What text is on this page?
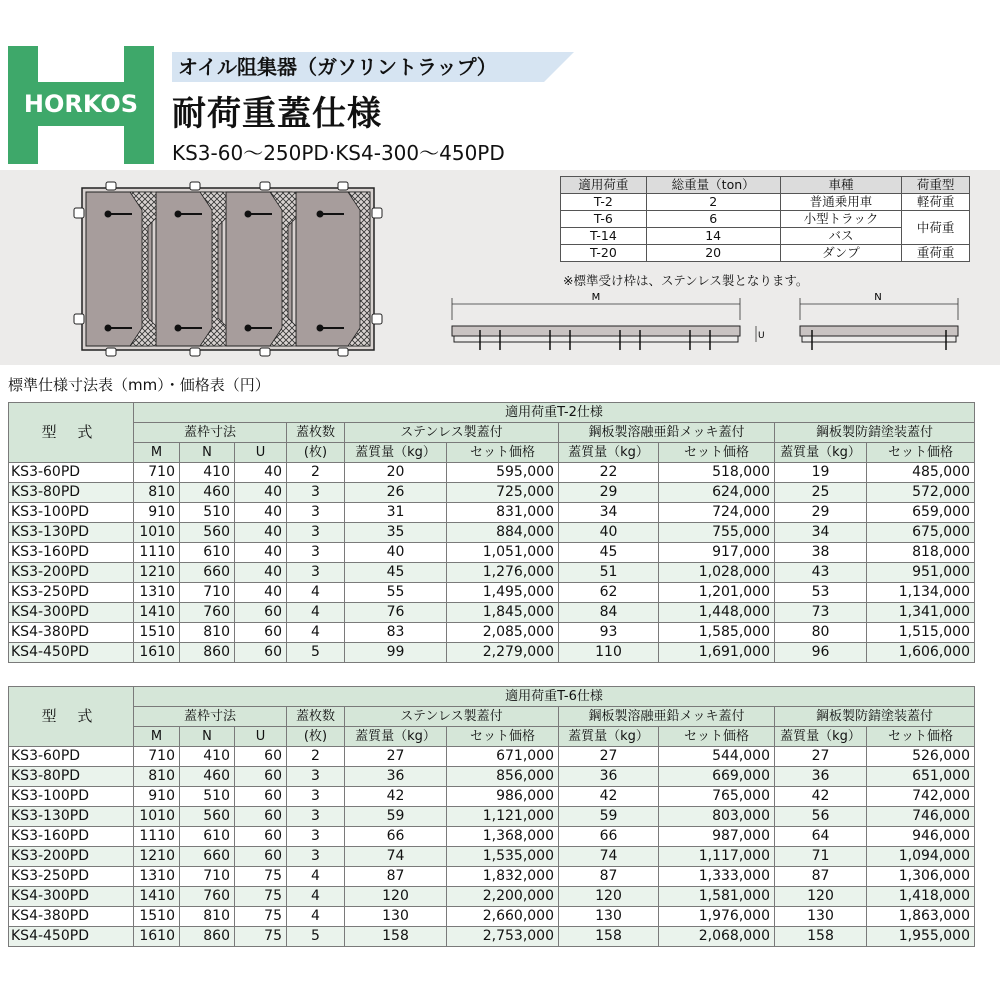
HORKOS
オイル阻集器（ガソリントラップ）
耐荷重蓋仕様
KS3-60～250PD·KS4-300～450PD
適用荷重	総重量（ton）	車種	荷重型
T-2	2	普通乗用車	軽荷重
T-6	6	小型トラック	中荷重
T-14	14	バス	
T-20	20	ダンプ	重荷重
※標準受け枠は、ステンレス製となります。
M
U
N
標準仕様寸法表（mm）・価格表（円）
型 式	適用荷重T-2仕様									
	蓋枠寸法			蓋枚数	ステンレス製蓋付		鋼板製溶融亜鉛メッキ蓋付		鋼板製防錆塗装蓋付	
	M	N	U	(枚)	蓋質量（kg）	セット価格	蓋質量（kg）	セット価格	蓋質量（kg）	セット価格
KS3-60PD	710	410	40	2	20	595,000	22	518,000	19	485,000
KS3-80PD	810	460	40	3	26	725,000	29	624,000	25	572,000
KS3-100PD	910	510	40	3	31	831,000	34	724,000	29	659,000
KS3-130PD	1010	560	40	3	35	884,000	40	755,000	34	675,000
KS3-160PD	1110	610	40	3	40	1,051,000	45	917,000	38	818,000
KS3-200PD	1210	660	40	3	45	1,276,000	51	1,028,000	43	951,000
KS3-250PD	1310	710	40	4	55	1,495,000	62	1,201,000	53	1,134,000
KS4-300PD	1410	760	60	4	76	1,845,000	84	1,448,000	73	1,341,000
KS4-380PD	1510	810	60	4	83	2,085,000	93	1,585,000	80	1,515,000
KS4-450PD	1610	860	60	5	99	2,279,000	110	1,691,000	96	1,606,000
型 式	適用荷重T-6仕様									
	蓋枠寸法			蓋枚数	ステンレス製蓋付		鋼板製溶融亜鉛メッキ蓋付		鋼板製防錆塗装蓋付	
	M	N	U	(枚)	蓋質量（kg）	セット価格	蓋質量（kg）	セット価格	蓋質量（kg）	セット価格
KS3-60PD	710	410	60	2	27	671,000	27	544,000	27	526,000
KS3-80PD	810	460	60	3	36	856,000	36	669,000	36	651,000
KS3-100PD	910	510	60	3	42	986,000	42	765,000	42	742,000
KS3-130PD	1010	560	60	3	59	1,121,000	59	803,000	56	746,000
KS3-160PD	1110	610	60	3	66	1,368,000	66	987,000	64	946,000
KS3-200PD	1210	660	60	3	74	1,535,000	74	1,117,000	71	1,094,000
KS3-250PD	1310	710	75	4	87	1,832,000	87	1,333,000	87	1,306,000
KS4-300PD	1410	760	75	4	120	2,200,000	120	1,581,000	120	1,418,000
KS4-380PD	1510	810	75	4	130	2,660,000	130	1,976,000	130	1,863,000
KS4-450PD	1610	860	75	5	158	2,753,000	158	2,068,000	158	1,955,000
